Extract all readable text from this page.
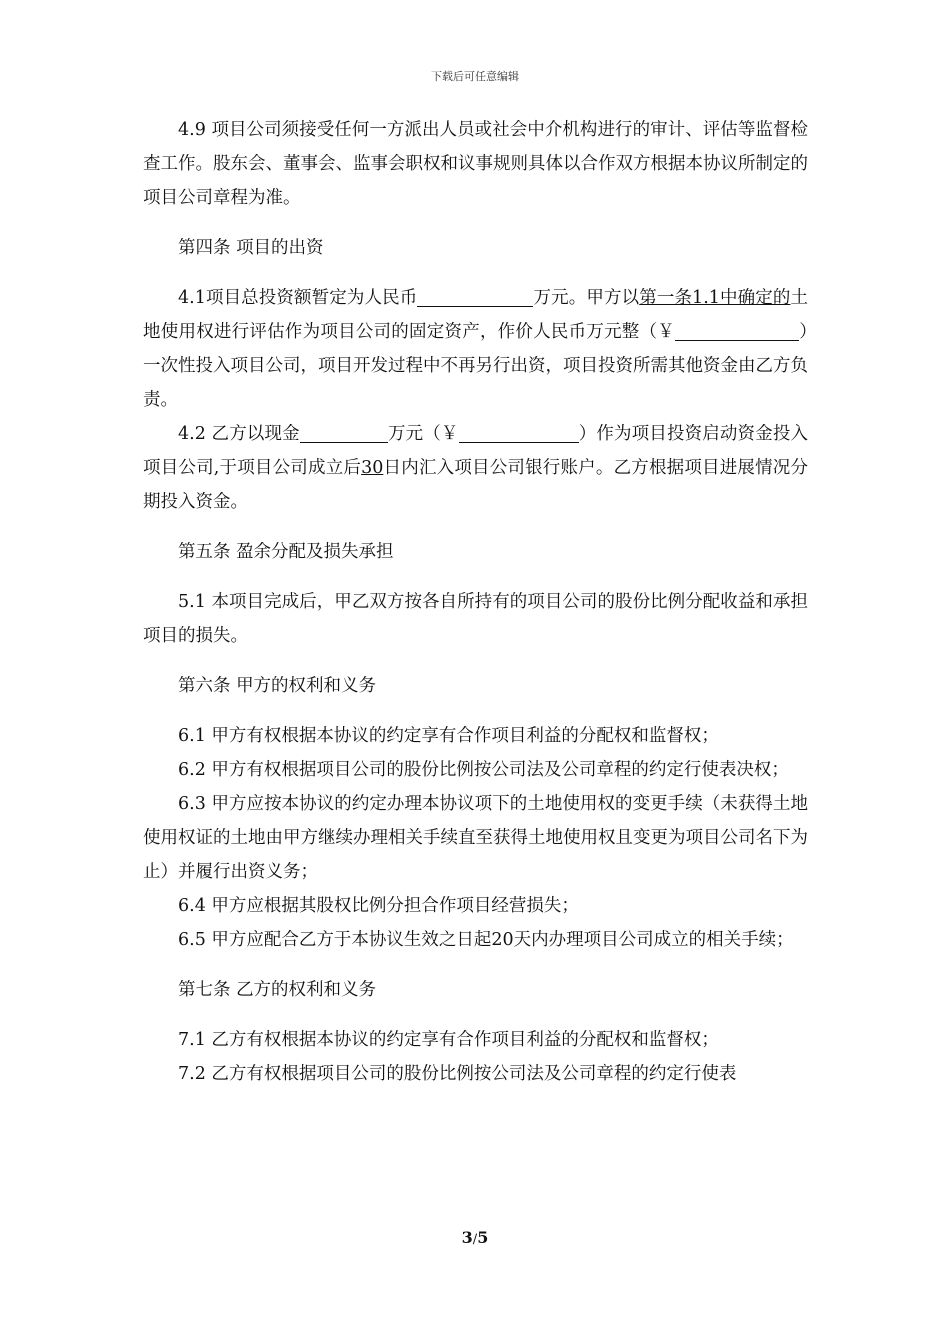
下载后可任意编辑

4.9 项目公司须接受任何一方派出人员或社会中介机构进行的审计、评估等监督检查工作。股东会、董事会、监事会职权和议事规则具体以合作双方根据本协议所制定的项目公司章程为准。

第四条 项目的出资

4.1项目总投资额暂定为人民币	万元。甲方以第一条1.1中确定的土地使用权进行评估作为项目公司的固定资产，作价人民币万元整（￥	）一次性投入项目公司，项目开发过程中不再另行出资，项目投资所需其他资金由乙方负责。

4.2 乙方以现金	万元（￥	）作为项目投资启动资金投入项目公司,于项目公司成立后30日内汇入项目公司银行账户。乙方根据项目进展情况分期投入资金。

第五条 盈余分配及损失承担

5.1 本项目完成后，甲乙双方按各自所持有的项目公司的股份比例分配收益和承担项目的损失。

第六条 甲方的权利和义务

6.1 甲方有权根据本协议的约定享有合作项目利益的分配权和监督权；

6.2 甲方有权根据项目公司的股份比例按公司法及公司章程的约定行使表决权；

6.3 甲方应按本协议的约定办理本协议项下的土地使用权的变更手续（未获得土地使用权证的土地由甲方继续办理相关手续直至获得土地使用权且变更为项目公司名下为止）并履行出资义务；

6.4 甲方应根据其股权比例分担合作项目经营损失；

6.5 甲方应配合乙方于本协议生效之日起20天内办理项目公司成立的相关手续；

第七条 乙方的权利和义务

7.1 乙方有权根据本协议的约定享有合作项目利益的分配权和监督权；

7.2 乙方有权根据项目公司的股份比例按公司法及公司章程的约定行使表

3/5
